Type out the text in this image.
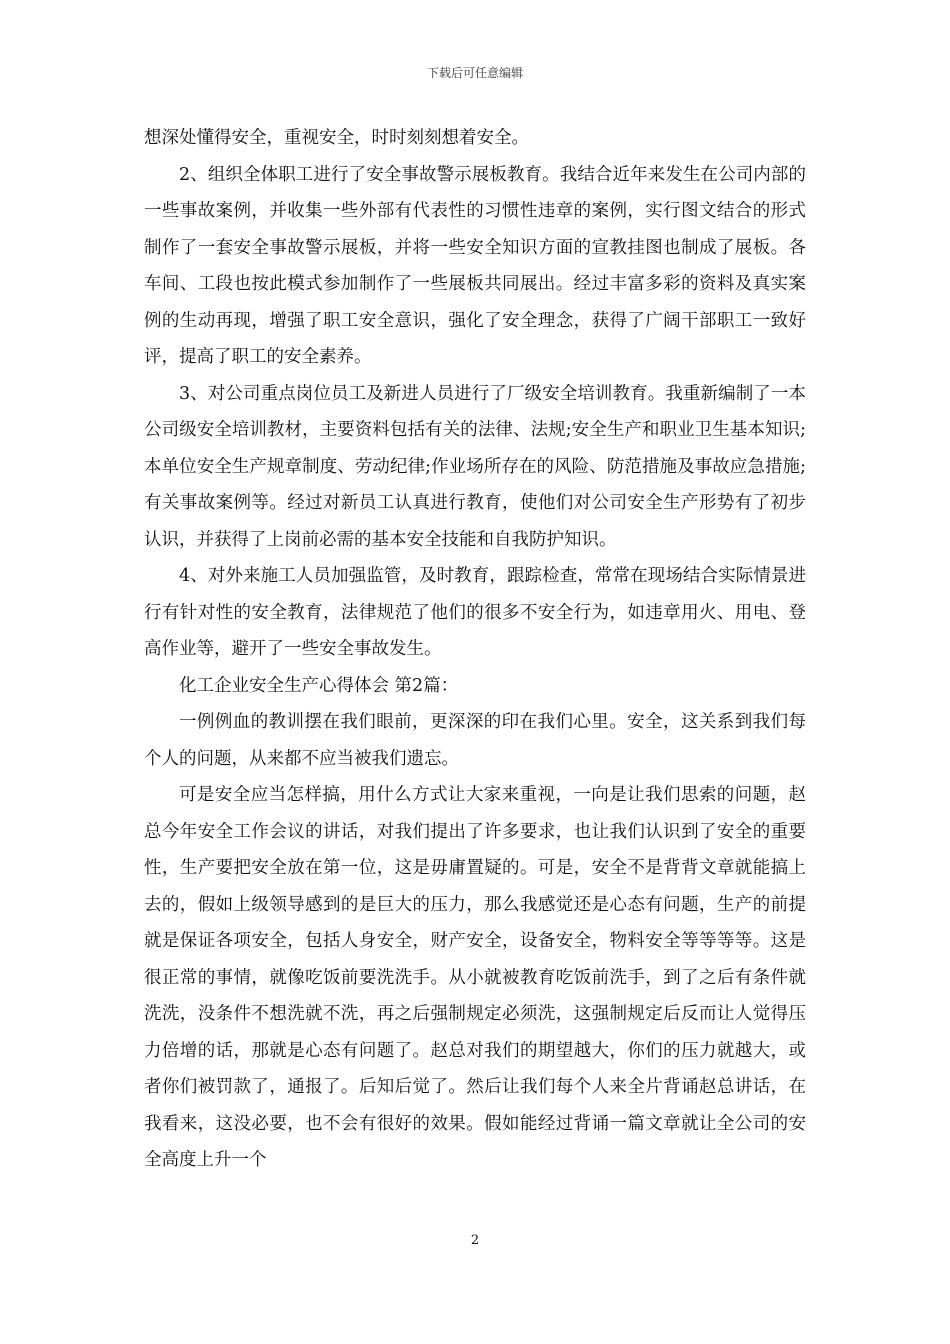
下载后可任意编辑

想深处懂得安全，重视安全，时时刻刻想着安全。

2、组织全体职工进行了安全事故警示展板教育。我结合近年来发生在公司内部的一些事故案例，并收集一些外部有代表性的习惯性违章的案例，实行图文结合的形式制作了一套安全事故警示展板，并将一些安全知识方面的宣教挂图也制成了展板。各车间、工段也按此模式参加制作了一些展板共同展出。经过丰富多彩的资料及真实案例的生动再现，增强了职工安全意识，强化了安全理念，获得了广阔干部职工一致好评，提高了职工的安全素养。

3、对公司重点岗位员工及新进人员进行了厂级安全培训教育。我重新编制了一本公司级安全培训教材，主要资料包括有关的法律、法规;安全生产和职业卫生基本知识;本单位安全生产规章制度、劳动纪律;作业场所存在的风险、防范措施及事故应急措施;有关事故案例等。经过对新员工认真进行教育，使他们对公司安全生产形势有了初步认识，并获得了上岗前必需的基本安全技能和自我防护知识。

4、对外来施工人员加强监管，及时教育，跟踪检查，常常在现场结合实际情景进行有针对性的安全教育，法律规范了他们的很多不安全行为，如违章用火、用电、登高作业等，避开了一些安全事故发生。

化工企业安全生产心得体会 第2篇：

一例例血的教训摆在我们眼前，更深深的印在我们心里。安全，这关系到我们每个人的问题，从来都不应当被我们遗忘。

可是安全应当怎样搞，用什么方式让大家来重视，一向是让我们思索的问题，赵总今年安全工作会议的讲话，对我们提出了许多要求，也让我们认识到了安全的重要性，生产要把安全放在第一位，这是毋庸置疑的。可是，安全不是背背文章就能搞上去的，假如上级领导感到的是巨大的压力，那么我感觉还是心态有问题，生产的前提就是保证各项安全，包括人身安全，财产安全，设备安全，物料安全等等等等。这是很正常的事情，就像吃饭前要洗洗手。从小就被教育吃饭前洗手，到了之后有条件就洗洗，没条件不想洗就不洗，再之后强制规定必须洗，这强制规定后反而让人觉得压力倍增的话，那就是心态有问题了。赵总对我们的期望越大，你们的压力就越大，或者你们被罚款了，通报了。后知后觉了。然后让我们每个人来全片背诵赵总讲话，在我看来，这没必要，也不会有很好的效果。假如能经过背诵一篇文章就让全公司的安全高度上升一个

2
